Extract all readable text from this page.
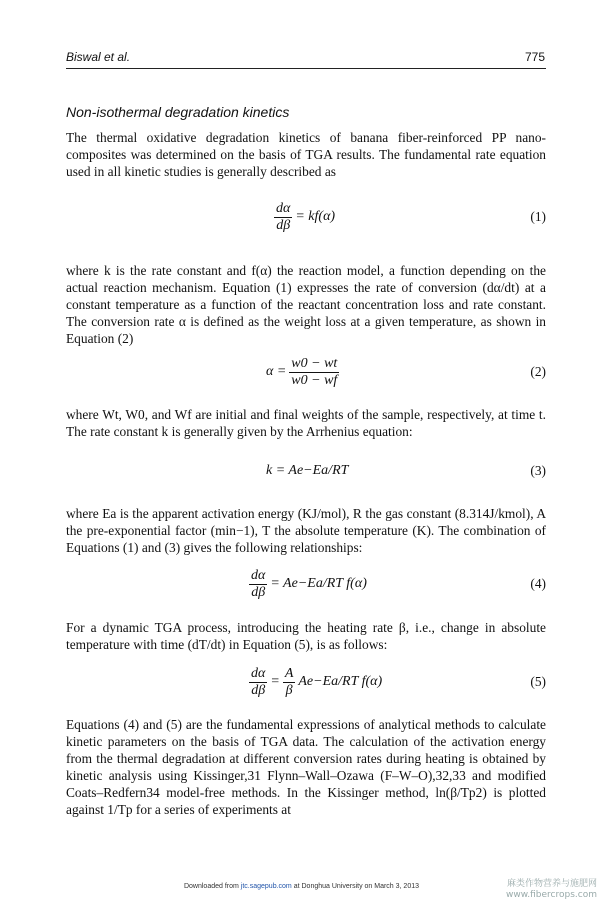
Biswal et al.	775
Non-isothermal degradation kinetics

The thermal oxidative degradation kinetics of banana fiber-reinforced PP nano-composites was determined on the basis of TGA results. The fundamental rate equation used in all kinetic studies is generally described as

$\frac{d\alpha}{d\beta} = kf(\alpha)$	(1)

where k is the rate constant and f(α) the reaction model, a function depending on the actual reaction mechanism. Equation (1) expresses the rate of conversion (dα/dt) at a constant temperature as a function of the reactant concentration loss and rate constant. The conversion rate α is defined as the weight loss at a given temperature, as shown in Equation (2)

$\alpha = \frac{w0 - wt}{w0 - wf}$	(2)

where Wt, W0, and Wf are initial and final weights of the sample, respectively, at time t. The rate constant k is generally given by the Arrhenius equation:

k = Ae−Ea/RT	(3)

where Ea is the apparent activation energy (KJ/mol), R the gas constant (8.314J/kmol), A the pre-exponential factor (min−1), T the absolute temperature (K). The combination of Equations (1) and (3) gives the following relationships:

$\frac{d\alpha}{d\beta} = Ae-Ea/RT$ f(α)	(4)

For a dynamic TGA process, introducing the heating rate β, i.e., change in absolute temperature with time (dT/dt) in Equation (5), is as follows:

$\frac{d\alpha}{d\beta} = \frac{A}{\beta} Ae-Ea/RT$ f(α)	(5)

Equations (4) and (5) are the fundamental expressions of analytical methods to calculate kinetic parameters on the basis of TGA data. The calculation of the activation energy from the thermal degradation at different conversion rates during heating is obtained by kinetic analysis using Kissinger,31 Flynn–Wall–Ozawa (F–W–O),32,33 and modified Coats–Redfern34 model-free methods. In the Kissinger method, ln(β/Tp2) is plotted against 1/Tp for a series of experiments at

Downloaded from jtc.sagepub.com at Donghua University on March 3, 2013	麻类作物营养与施肥网
www.fibercrops.com
